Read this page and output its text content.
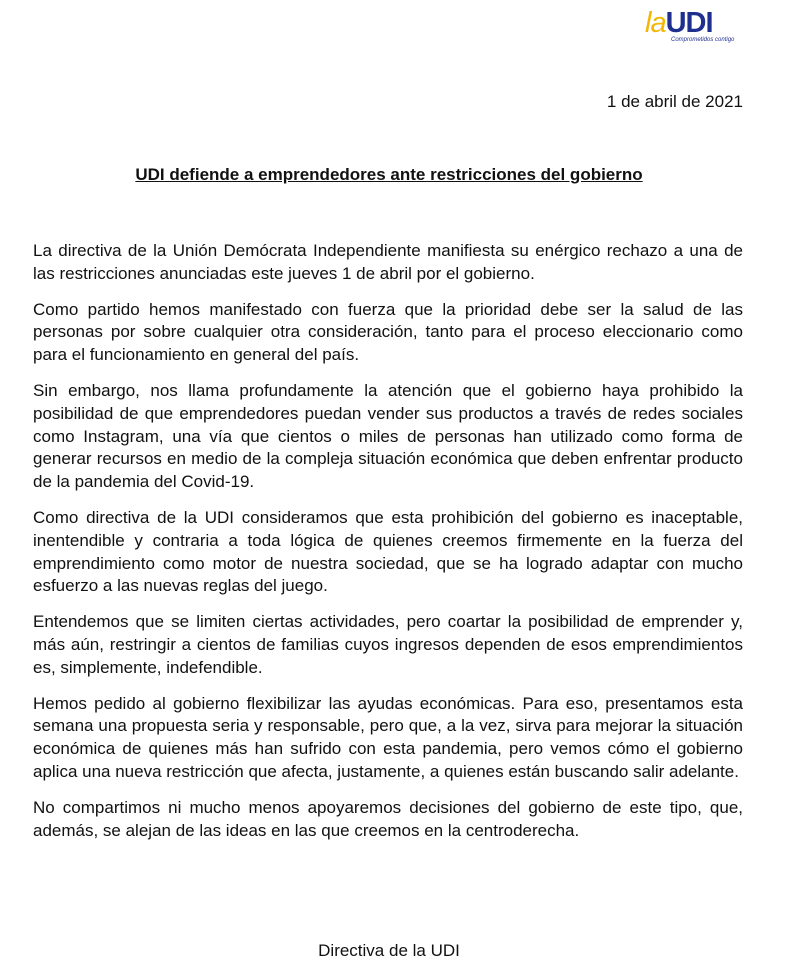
laUDI
Comprometidos contigo
1 de abril de 2021
UDI defiende a emprendedores ante restricciones del gobierno

La directiva de la Unión Demócrata Independiente manifiesta su enérgico rechazo a una de las restricciones anunciadas este jueves 1 de abril por el gobierno.

Como partido hemos manifestado con fuerza que la prioridad debe ser la salud de las personas por sobre cualquier otra consideración, tanto para el proceso eleccionario como para el funcionamiento en general del país.

Sin embargo, nos llama profundamente la atención que el gobierno haya prohibido la posibilidad de que emprendedores puedan vender sus productos a través de redes sociales como Instagram, una vía que cientos o miles de personas han utilizado como forma de generar recursos en medio de la compleja situación económica que deben enfrentar producto de la pandemia del Covid-19.

Como directiva de la UDI consideramos que esta prohibición del gobierno es inaceptable, inentendible y contraria a toda lógica de quienes creemos firmemente en la fuerza del emprendimiento como motor de nuestra sociedad, que se ha logrado adaptar con mucho esfuerzo a las nuevas reglas del juego.

Entendemos que se limiten ciertas actividades, pero coartar la posibilidad de emprender y, más aún, restringir a cientos de familias cuyos ingresos dependen de esos emprendimientos es, simplemente, indefendible.

Hemos pedido al gobierno flexibilizar las ayudas económicas. Para eso, presentamos esta semana una propuesta seria y responsable, pero que, a la vez, sirva para mejorar la situación económica de quienes más han sufrido con esta pandemia, pero vemos cómo el gobierno aplica una nueva restricción que afecta, justamente, a quienes están buscando salir adelante.

No compartimos ni mucho menos apoyaremos decisiones del gobierno de este tipo, que, además, se alejan de las ideas en las que creemos en la centroderecha.

Directiva de la UDI
